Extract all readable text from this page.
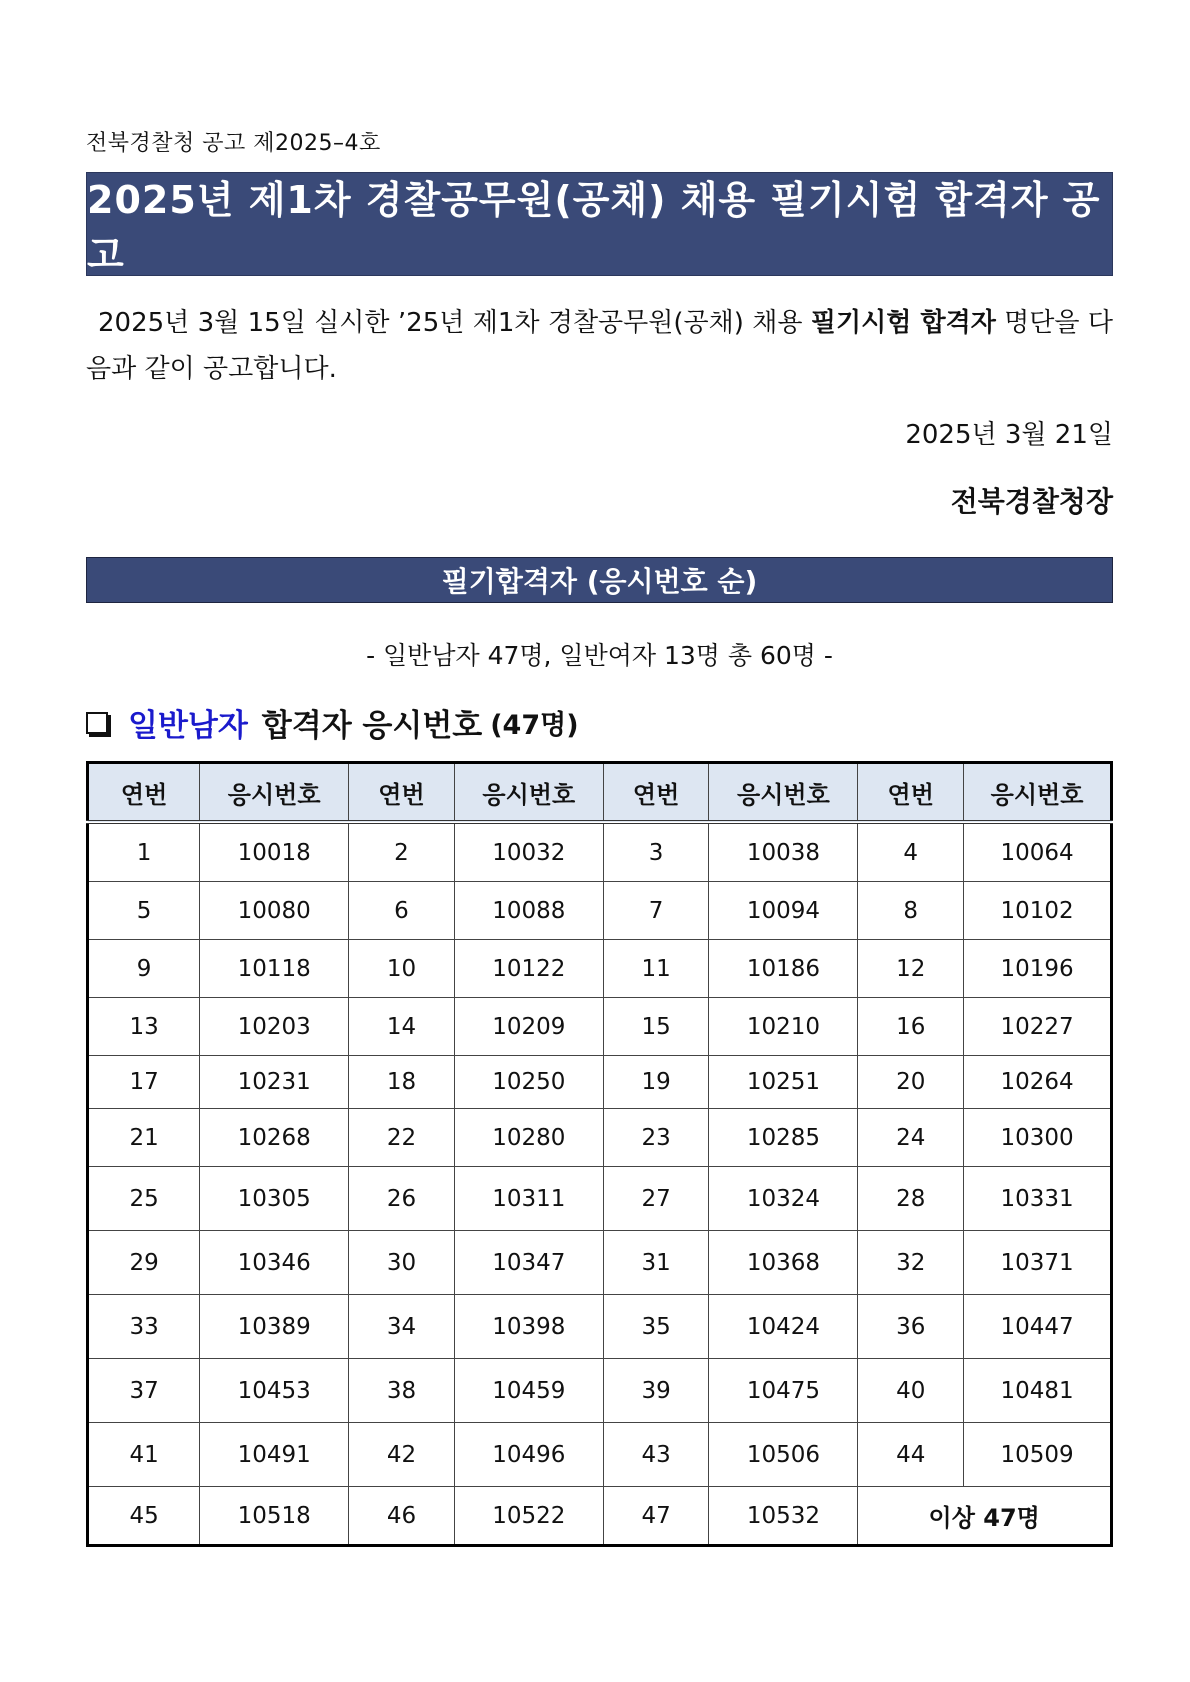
전북경찰청 공고 제2025–4호
2025년 제1차 경찰공무원(공채) 채용 필기시험 합격자 공고

2025년 3월 15일 실시한 ’25년 제1차 경찰공무원(공채) 채용 필기시험 합격자 명단을 다음과 같이 공고합니다.

2025년 3월 21일
전북경찰청장
필기합격자 (응시번호 순)
- 일반남자 47명, 일반여자 13명 총 60명 -
일반남자 합격자 응시번호 (47명)
연번	응시번호	연번	응시번호	연번	응시번호	연번	응시번호
1	10018	2	10032	3	10038	4	10064
5	10080	6	10088	7	10094	8	10102
9	10118	10	10122	11	10186	12	10196
13	10203	14	10209	15	10210	16	10227
17	10231	18	10250	19	10251	20	10264
21	10268	22	10280	23	10285	24	10300
25	10305	26	10311	27	10324	28	10331
29	10346	30	10347	31	10368	32	10371
33	10389	34	10398	35	10424	36	10447
37	10453	38	10459	39	10475	40	10481
41	10491	42	10496	43	10506	44	10509
45	10518	46	10522	47	10532	이상 47명	
